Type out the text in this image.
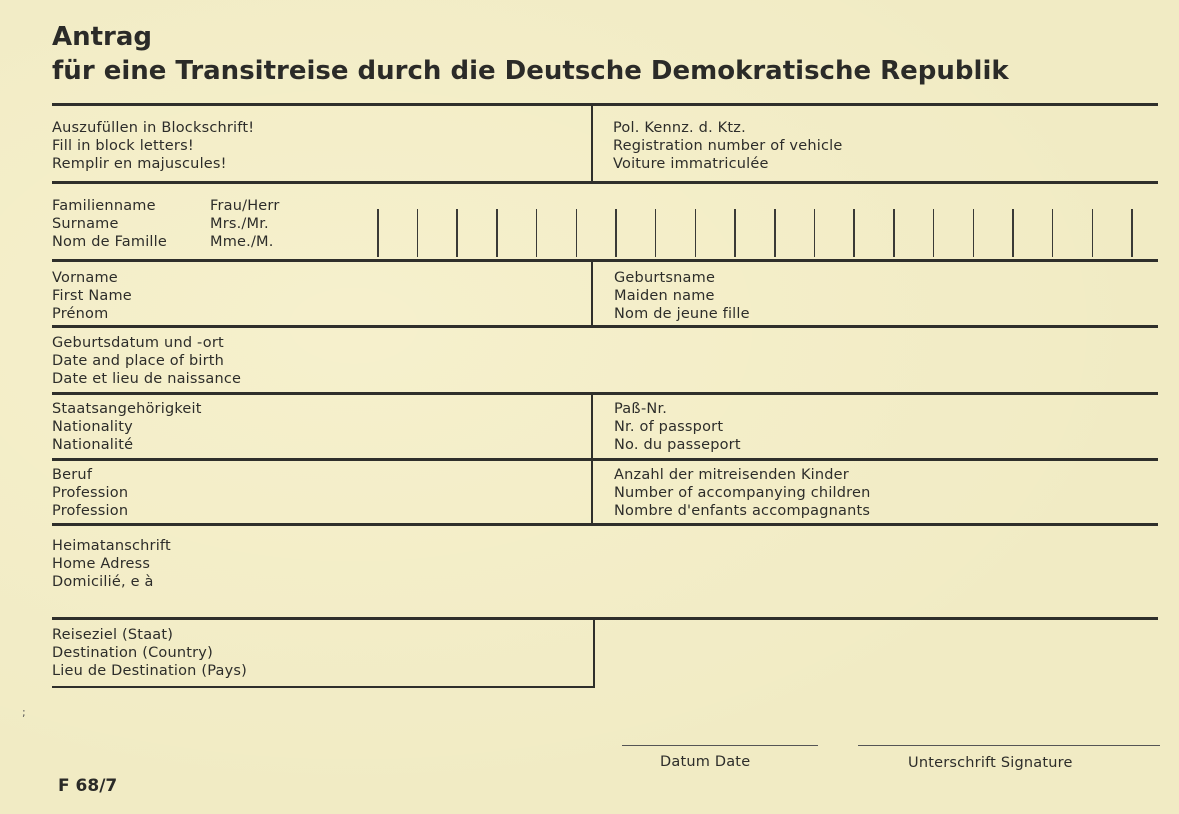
Antrag
für eine Transitreise durch die Deutsche Demokratische Republik
Auszufüllen in Blockschrift!
Fill in block letters!
Remplir en majuscules!
Pol. Kennz. d. Ktz.
Registration number of vehicle
Voiture immatriculée
Familienname
Surname
Nom de Famille
Frau/Herr
Mrs./Mr.
Mme./M.
Vorname
First Name
Prénom
Geburtsname
Maiden name
Nom de jeune fille
Geburtsdatum und -ort
Date and place of birth
Date et lieu de naissance
Staatsangehörigkeit
Nationality
Nationalité
Paß-Nr.
Nr. of passport
No. du passeport
Beruf
Profession
Profession
Anzahl der mitreisenden Kinder
Number of accompanying children
Nombre d'enfants accompagnants
Heimatanschrift
Home Adress
Domicilié, e à
Reiseziel (Staat)
Destination (Country)
Lieu de Destination (Pays)
Datum Date	Unterschrift Signature
F 68/7
;
